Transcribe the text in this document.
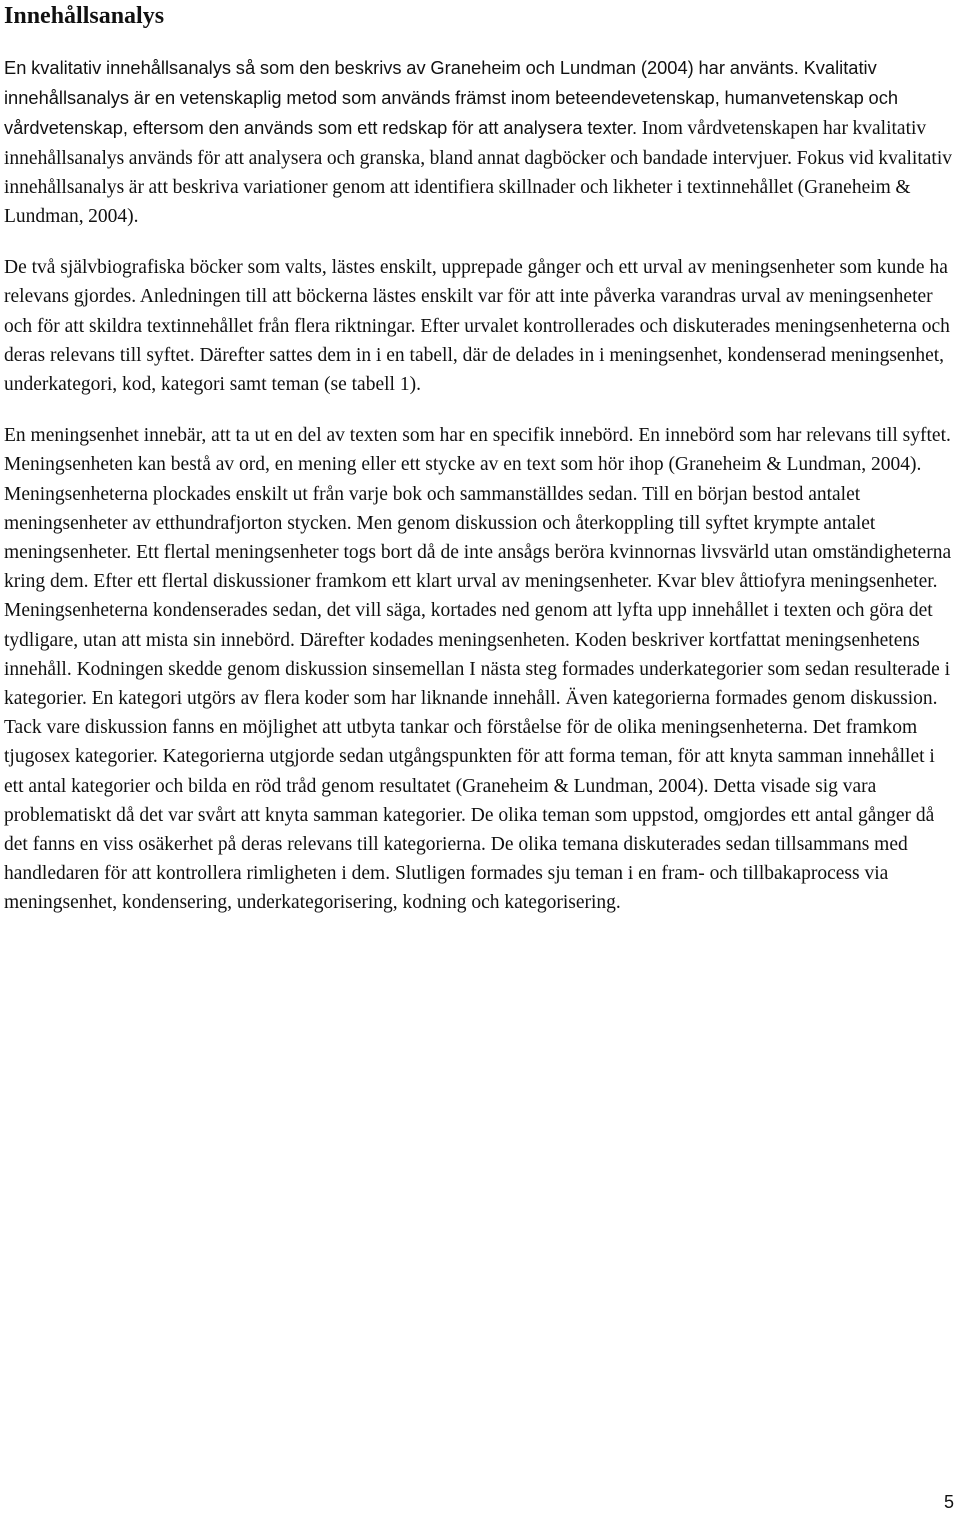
Innehållsanalys

En kvalitativ innehållsanalys så som den beskrivs av Graneheim och Lundman (2004) har använts. Kvalitativ innehållsanalys är en vetenskaplig metod som används främst inom beteendevetenskap, humanvetenskap och vårdvetenskap, eftersom den används som ett redskap för att analysera texter. Inom vårdvetenskapen har kvalitativ innehållsanalys används för att analysera och granska, bland annat dagböcker och bandade intervjuer. Fokus vid kvalitativ innehållsanalys är att beskriva variationer genom att identifiera skillnader och likheter i textinnehållet (Graneheim & Lundman, 2004).

De två självbiografiska böcker som valts, lästes enskilt, upprepade gånger och ett urval av meningsenheter som kunde ha relevans gjordes. Anledningen till att böckerna lästes enskilt var för att inte påverka varandras urval av meningsenheter och för att skildra textinnehållet från flera riktningar. Efter urvalet kontrollerades och diskuterades meningsenheterna och deras relevans till syftet. Därefter sattes dem in i en tabell, där de delades in i meningsenhet, kondenserad meningsenhet, underkategori, kod, kategori samt teman (se tabell 1).

En meningsenhet innebär, att ta ut en del av texten som har en specifik innebörd. En innebörd som har relevans till syftet. Meningsenheten kan bestå av ord, en mening eller ett stycke av en text som hör ihop (Graneheim & Lundman, 2004). Meningsenheterna plockades enskilt ut från varje bok och sammanställdes sedan. Till en början bestod antalet meningsenheter av etthundrafjorton stycken. Men genom diskussion och återkoppling till syftet krympte antalet meningsenheter. Ett flertal meningsenheter togs bort då de inte ansågs beröra kvinnornas livsvärld utan omständigheterna kring dem. Efter ett flertal diskussioner framkom ett klart urval av meningsenheter. Kvar blev åttiofyra meningsenheter. Meningsenheterna kondenserades sedan, det vill säga, kortades ned genom att lyfta upp innehållet i texten och göra det tydligare, utan att mista sin innebörd. Därefter kodades meningsenheten. Koden beskriver kortfattat meningsenhetens innehåll. Kodningen skedde genom diskussion sinsemellan I nästa steg formades underkategorier som sedan resulterade i kategorier. En kategori utgörs av flera koder som har liknande innehåll. Även kategorierna formades genom diskussion. Tack vare diskussion fanns en möjlighet att utbyta tankar och förståelse för de olika meningsenheterna. Det framkom tjugosex kategorier. Kategorierna utgjorde sedan utgångspunkten för att forma teman, för att knyta samman innehållet i ett antal kategorier och bilda en röd tråd genom resultatet (Graneheim & Lundman, 2004). Detta visade sig vara problematiskt då det var svårt att knyta samman kategorier. De olika teman som uppstod, omgjordes ett antal gånger då det fanns en viss osäkerhet på deras relevans till kategorierna. De olika temana diskuterades sedan tillsammans med handledaren för att kontrollera rimligheten i dem. Slutligen formades sju teman i en fram- och tillbakaprocess via meningsenhet, kondensering, underkategorisering, kodning och kategorisering.

5
